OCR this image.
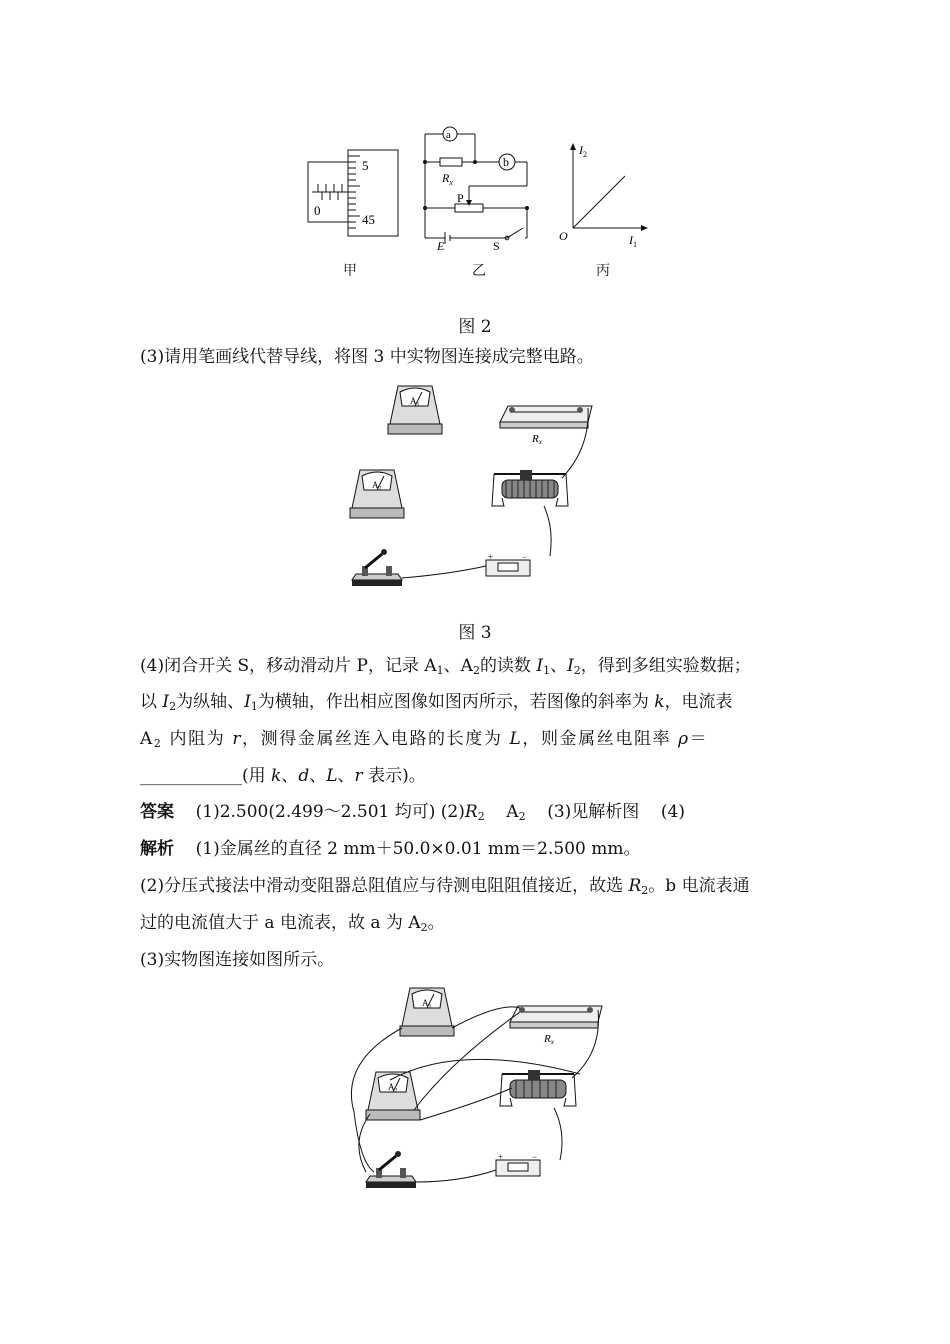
0
5
45
a
b
$R_x$
P
E	S
$I_2$
$I_1$
O
甲	乙	丙
图 2
(3)请用笔画线代替导线，将图 3 中实物图连接成完整电路。
$A_1$
$A_2$
Rx
+	−
图 3
(4)闭合开关 S，移动滑动片 P，记录 $A_1$、$A_2$的读数 $I_1$、$I_2$，得到多组实验数据；
以 $I_2$为纵轴、$I_1$为横轴，作出相应图像如图丙所示，若图像的斜率为 k，电流表
$A_2$ 内阻为 r，测得金属丝连入电路的长度为 L，则金属丝电阻率 ρ＝
____________(用 k、d、L、r 表示)。
答案 (1)2.500(2.499～2.501 均可) $(2)R_2$    $A_2$    (3)见解析图    (4)
解析 (1)金属丝的直径 2 mm＋50.0×0.01 mm＝2.500 mm。
(2)分压式接法中滑动变阻器总阻值应与待测电阻阻值接近，故选 $R_2$。b 电流表通
过的电流值大于 a 电流表，故 a 为 $A_2$。
(3)实物图连接如图所示。
$A_1$
$A_2$
Rx
+	−
